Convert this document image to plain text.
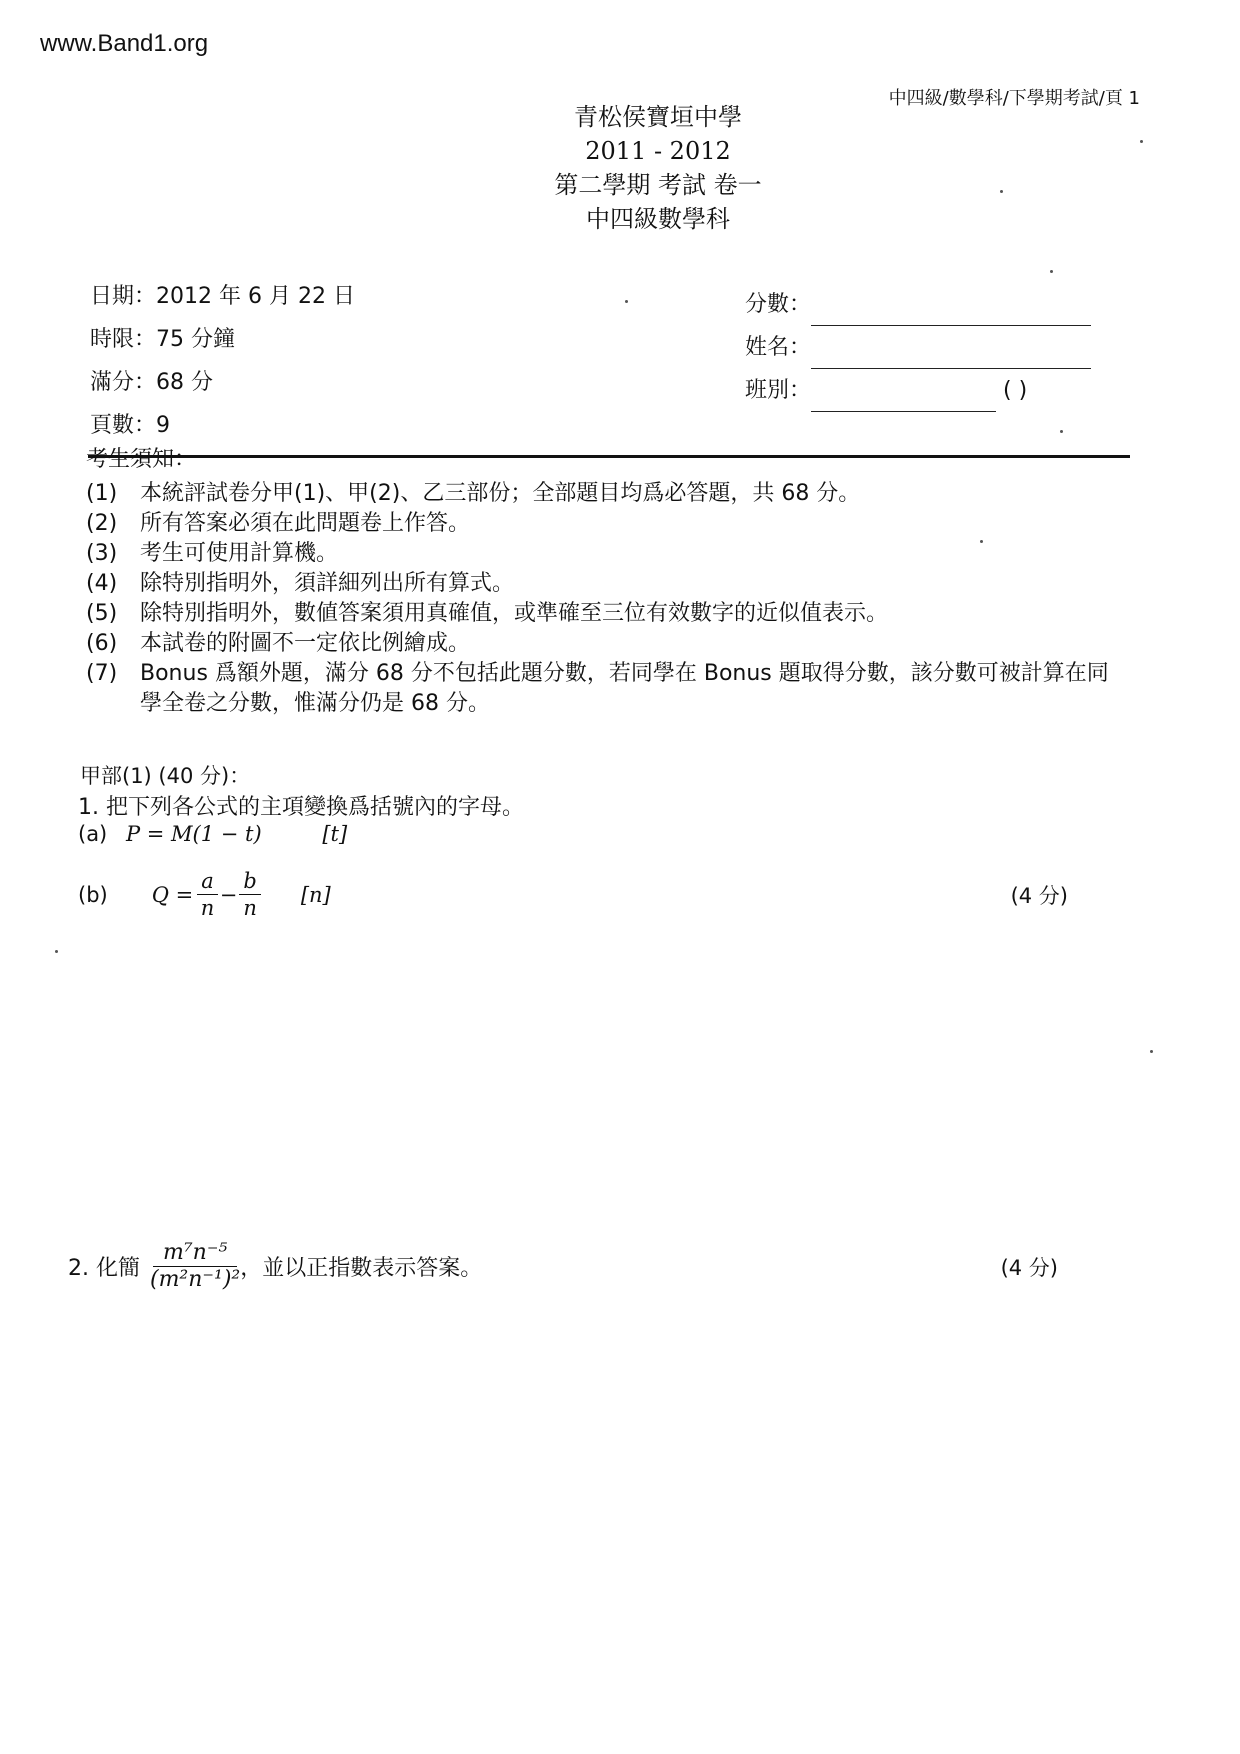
www.Band1.org
中四級/數學科/下學期考試/頁 1
青松侯寶垣中學
2011 - 2012
第二學期 考試 卷一
中四級數學科
日期：2012 年 6 月 22 日
時限：75 分鐘
滿分：68 分
頁數：9
分數：
姓名：
班別：	( )
考生須知：
(1)	本統評試卷分甲(1)、甲(2)、乙三部份；全部題目均爲必答題，共 68 分。
(2)	所有答案必須在此問題卷上作答。
(3)	考生可使用計算機。
(4)	除特別指明外，須詳細列出所有算式。
(5)	除特別指明外，數値答案須用真確值，或準確至三位有效數字的近似值表示。
(6)	本試卷的附圖不一定依比例繪成。
(7)	Bonus 爲額外題，滿分 68 分不包括此題分數，若同學在 Bonus 題取得分數，該分數可被計算在同學全卷之分數，惟滿分仍是 68 分。
甲部(1) (40 分)：
1. 把下列各公式的主項變換爲括號內的字母。
(a) P = M(1 − t)	[t]
(b) $Q = \frac{a}{n} - \frac{b}{n} [n]$	(4 分)
2. 化簡 $\frac{\text{m⁷n⁻⁵}}{\text{(m²n⁻¹)²}}$ ，並以正指數表示答案。	(4 分)
